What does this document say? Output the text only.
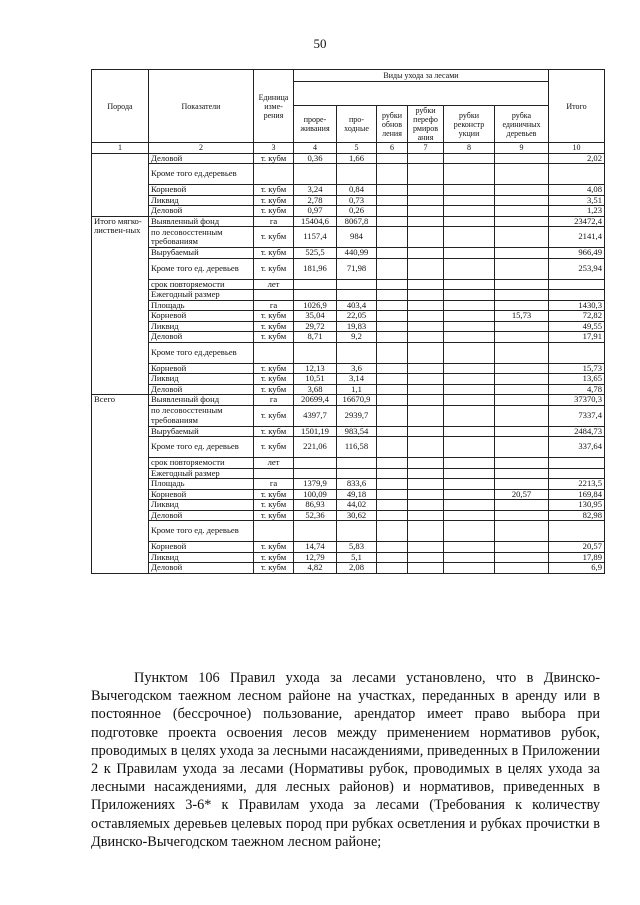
50
Порода	Показатели	Единица изме-рения	Виды ухода за лесами						Итого

			проре-живания	про-ходные	рубки обнов ления	рубки перефо рмиров ания	рубки реконстр укции	рубка единичных деревьев	
1	2	3	4	5	6	7	8	9	10
	Деловой	т. кубм	0,36	1,66					2,02
	Кроме того ед.деревьев								
	Корневой	т. кубм	3,24	0,84					4,08
	Ликвид	т. кубм	2,78	0,73					3,51
	Деловой	т. кубм	0,97	0,26					1,23
Итого мягко-листвен-ных	Выявленный фонд	га	15404,6	8067,8					23472,4
	по лесовосстенным требованиям	т. кубм	1157,4	984					2141,4
	Вырубаемый	т. кубм	525,5	440,99					966,49
	Кроме того ед. деревьев	т. кубм	181,96	71,98					253,94
	срок повторяемости	лет							
	Ежегодный размер								
	Площадь	га	1026,9	403,4					1430,3
	Корневой	т. кубм	35,04	22,05				15,73	72,82
	Ликвид	т. кубм	29,72	19,83					49,55
	Деловой	т. кубм	8,71	9,2					17,91
	Кроме того ед.деревьев								
	Корневой	т. кубм	12,13	3,6					15,73
	Ликвид	т. кубм	10,51	3,14					13,65
	Деловой	т. кубм	3,68	1,1					4,78
Всего	Выявленный фонд	га	20699,4	16670,9					37370,3
	по лесовосстенным требованиям	т. кубм	4397,7	2939,7					7337,4
	Вырубаемый	т. кубм	1501,19	983,54					2484,73
	Кроме того ед. деревьев	т. кубм	221,06	116,58					337,64
	срок повторяемости	лет							
	Ежегодный размер								
	Площадь	га	1379,9	833,6					2213,5
	Корневой	т. кубм	100,09	49,18				20,57	169,84
	Ликвид	т. кубм	86,93	44,02					130,95
	Деловой	т. кубм	52,36	30,62					82,98
	Кроме того ед. деревьев								
	Корневой	т. кубм	14,74	5,83					20,57
	Ликвид	т. кубм	12,79	5,1					17,89
	Деловой	т. кубм	4,82	2,08					6,9
Пунктом 106 Правил ухода за лесами установлено, что в Двинско-Вычегодском таежном лесном районе на участках, переданных в аренду или в постоянное (бессрочное) пользование, арендатор имеет право выбора при подготовке проекта освоения лесов между применением нормативов рубок, проводимых в целях ухода за лесными насаждениями, приведенных в Приложении 2 к Правилам ухода за лесами (Нормативы рубок, проводимых в целях ухода за лесными насаждениями, для лесных районов) и нормативов, приведенных в Приложениях 3-6* к Правилам ухода за лесами (Требования к количеству оставляемых деревьев целевых пород при рубках осветления и рубках прочистки в Двинско-Вычегодском таежном лесном районе;
